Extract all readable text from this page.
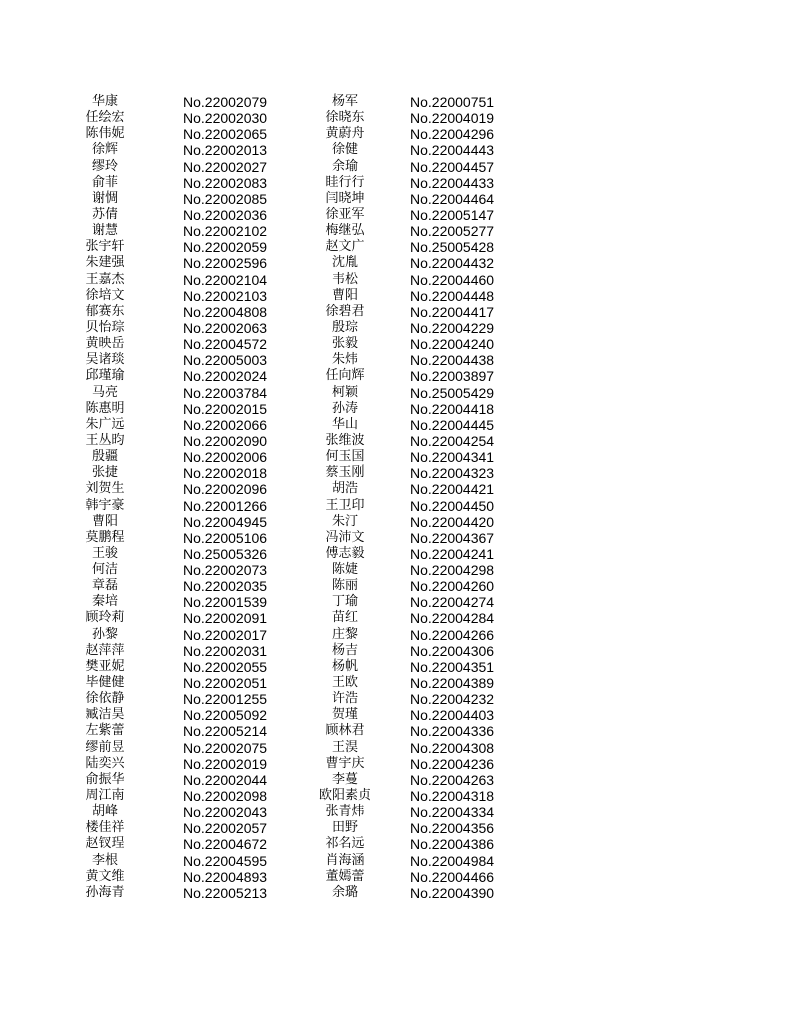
华康	No.22002079	杨军	No.22000751
任绘宏	No.22002030	徐晓东	No.22004019
陈伟妮	No.22002065	黄蔚舟	No.22004296
徐辉	No.22002013	徐健	No.22004443
缪玲	No.22002027	余瑜	No.22004457
俞菲	No.22002083	眭行行	No.22004433
谢惆	No.22002085	闫晓坤	No.22004464
苏倩	No.22002036	徐亚军	No.22005147
谢慧	No.22002102	梅继弘	No.22005277
张宇轩	No.22002059	赵文广	No.25005428
朱建强	No.22002596	沈胤	No.22004432
王嘉杰	No.22002104	韦松	No.22004460
徐培文	No.22002103	曹阳	No.22004448
郁赛东	No.22004808	徐碧君	No.22004417
贝怡琮	No.22002063	殷琮	No.22004229
黄映岳	No.22004572	张毅	No.22004240
吴诸琰	No.22005003	朱炜	No.22004438
邱瑾瑜	No.22002024	任向辉	No.22003897
马亮	No.22003784	柯颖	No.25005429
陈惠明	No.22002015	孙涛	No.22004418
朱广远	No.22002066	华山	No.22004445
王丛昀	No.22002090	张维波	No.22004254
殷疆	No.22002006	何玉国	No.22004341
张捷	No.22002018	蔡玉刚	No.22004323
刘贺生	No.22002096	胡浩	No.22004421
韩宇豪	No.22001266	王卫印	No.22004450
曹阳	No.22004945	朱汀	No.22004420
莫鹏程	No.22005106	冯沛文	No.22004367
王骏	No.25005326	傅志毅	No.22004241
何洁	No.22002073	陈婕	No.22004298
章磊	No.22002035	陈丽	No.22004260
秦培	No.22001539	丁瑜	No.22004274
顾玲莉	No.22002091	苗红	No.22004284
孙黎	No.22002017	庄黎	No.22004266
赵萍萍	No.22002031	杨吉	No.22004306
樊亚妮	No.22002055	杨帆	No.22004351
毕健健	No.22002051	王欧	No.22004389
徐依静	No.22001255	许浩	No.22004232
臧洁昊	No.22005092	贺瑾	No.22004403
左紫蕾	No.22005214	顾林君	No.22004336
缪前昱	No.22002075	王淏	No.22004308
陆奕兴	No.22002019	曹宇庆	No.22004236
俞振华	No.22002044	李蔓	No.22004263
周江南	No.22002098	欧阳素贞	No.22004318
胡峰	No.22002043	张青炜	No.22004334
楼佳祥	No.22002057	田野	No.22004356
赵钗珵	No.22004672	祁名远	No.22004386
李根	No.22004595	肖海涵	No.22004984
黄文维	No.22004893	董嫣蕾	No.22004466
孙海青	No.22005213	余璐	No.22004390
